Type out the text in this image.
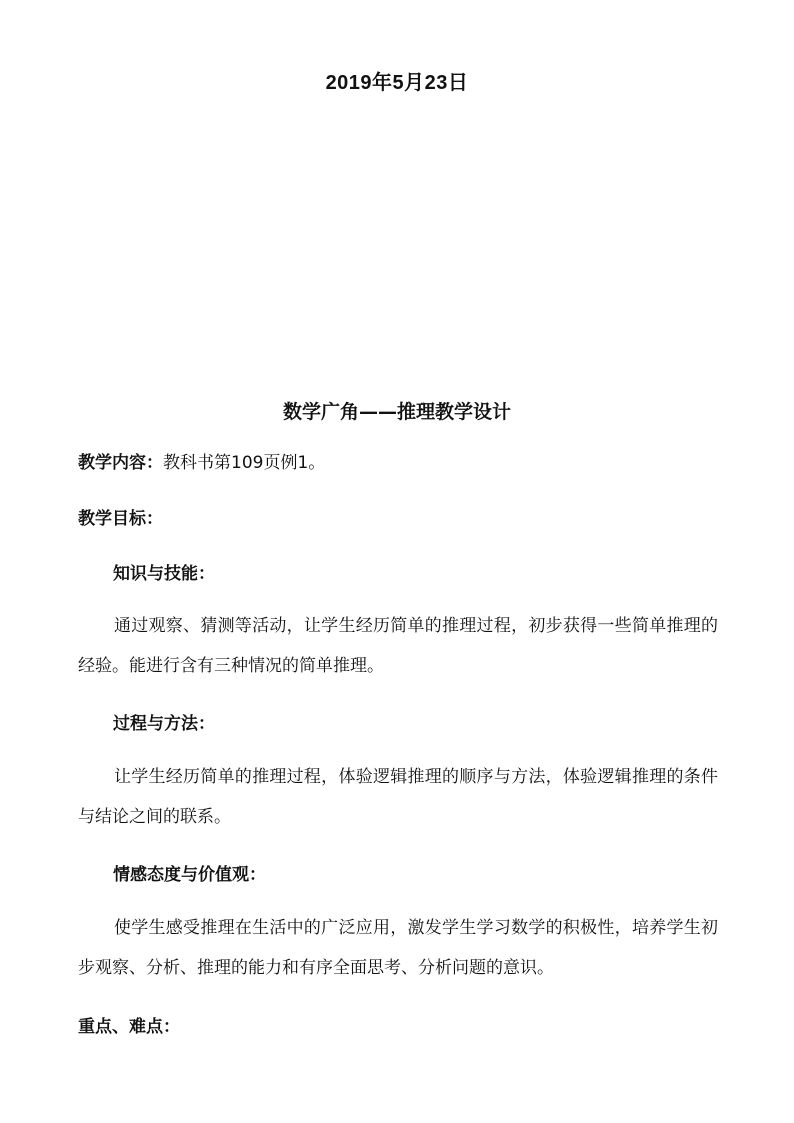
2019年5月23日
数学广角——推理教学设计
教学内容：教科书第109页例1。
教学目标：
知识与技能：
通过观察、猜测等活动，让学生经历简单的推理过程，初步获得一些简单推理的经验。能进行含有三种情况的简单推理。
过程与方法：
让学生经历简单的推理过程，体验逻辑推理的顺序与方法，体验逻辑推理的条件与结论之间的联系。
情感态度与价值观：
使学生感受推理在生活中的广泛应用，激发学生学习数学的积极性，培养学生初步观察、分析、推理的能力和有序全面思考、分析问题的意识。
重点、难点：
